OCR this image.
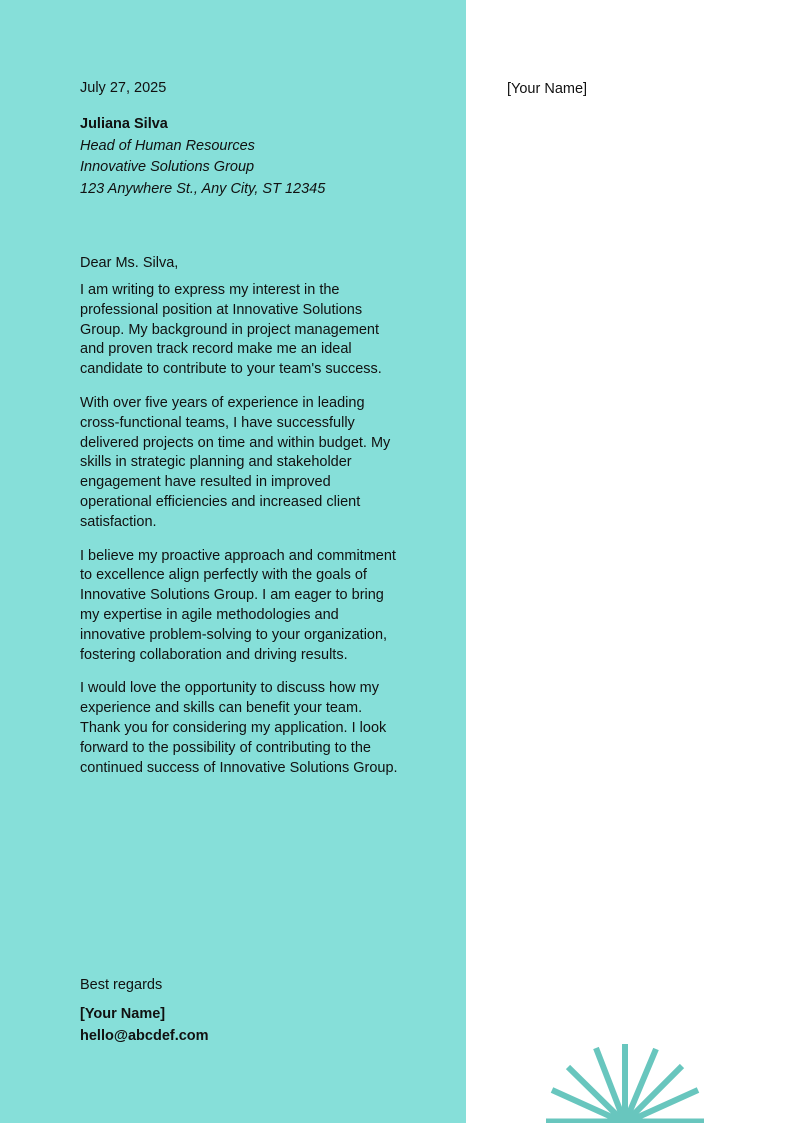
July 27, 2025

Juliana Silva
Head of Human Resources
Innovative Solutions Group
123 Anywhere St., Any City, ST 12345

Dear Ms. Silva,

I am writing to express my interest in the professional position at Innovative Solutions Group. My background in project management and proven track record make me an ideal candidate to contribute to your team's success.

With over five years of experience in leading cross-functional teams, I have successfully delivered projects on time and within budget. My skills in strategic planning and stakeholder engagement have resulted in improved operational efficiencies and increased client satisfaction.

I believe my proactive approach and commitment to excellence align perfectly with the goals of Innovative Solutions Group. I am eager to bring my expertise in agile methodologies and innovative problem-solving to your organization, fostering collaboration and driving results.

I would love the opportunity to discuss how my experience and skills can benefit your team. Thank you for considering my application. I look forward to the possibility of contributing to the continued success of Innovative Solutions Group.

Best regards

[Your Name]
hello@abcdef.com

[Your Name]
